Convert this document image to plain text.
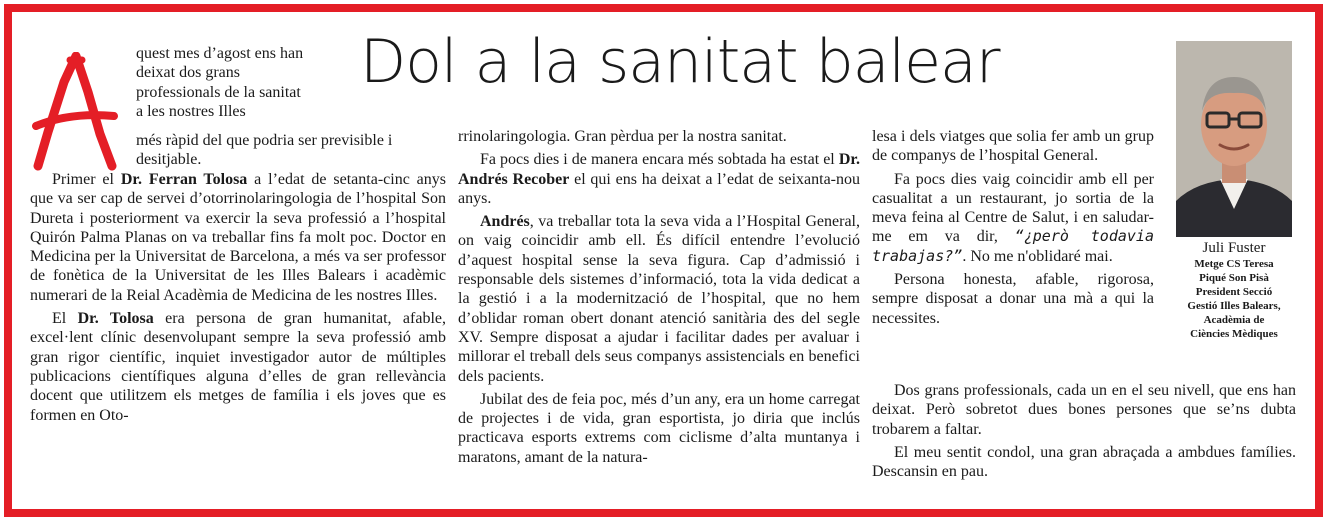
Dol a la sanitat balear
quest mes d’agost ens han deixat dos grans professionals de la sanitat a les nostres Illes
més ràpid del que podria ser previsible i desitjable.

Primer el Dr. Ferran Tolosa a l’edat de setanta-cinc anys que va ser cap de servei d’otorrinolaringologia de l’hospital Son Dureta i posteriorment va exercir la seva professió a l’hospital Quirón Palma Planas on va treballar fins fa molt poc. Doctor en Medicina per la Universitat de Barcelona, a més va ser professor de fonètica de la Universitat de les Illes Balears i acadèmic numerari de la Reial Acadèmia de Medicina de les nostres Illes.

El Dr. Tolosa era persona de gran humanitat, afable, excel·lent clínic desenvolupant sempre la seva professió amb gran rigor científic, inquiet investigador autor de múltiples publicacions científiques alguna d’elles de gran rellevància docent que utilitzem els metges de família i els joves que es formen en Oto-

rrinolaringologia. Gran pèrdua per la nostra sanitat.

Fa pocs dies i de manera encara més sobtada ha estat el Dr. Andrés Recober el qui ens ha deixat a l’edat de seixanta-nou anys.

Andrés, va treballar tota la seva vida a l’Hospital General, on vaig coincidir amb ell. És difícil entendre l’evolució d’aquest hospital sense la seva figura. Cap d’admissió i responsable dels sistemes d’informació, tota la vida dedicat a la gestió i a la modernització de l’hospital, que no hem d’oblidar roman obert donant atenció sanitària des del segle XV. Sempre disposat a ajudar i facilitar dades per avaluar i millorar el treball dels seus companys assistencials en benefici dels pacients.

Jubilat des de feia poc, més d’un any, era un home carregat de projectes i de vida, gran esportista, jo diria que inclús practicava esports extrems com ciclisme d’alta muntanya i maratons, amant de la natura-

lesa i dels viatges que solia fer amb un grup de companys de l’hospital General.

Fa pocs dies vaig coincidir amb ell per casualitat a un restaurant, jo sortia de la meva feina al Centre de Salut, i en saludar-me em va dir, “¿però todavia trabajas?”. No me n'oblidaré mai.

Persona honesta, afable, rigorosa, sempre disposat a donar una mà a qui la necessites.

Dos grans professionals, cada un en el seu nivell, que ens han deixat. Però sobretot dues bones persones que se’ns dubta trobarem a faltar.

El meu sentit condol, una gran abraçada a ambdues famílies. Descansin en pau.

Juli Fuster
Metge CS Teresa
Piqué Son Pisà
President Secció
Gestió Illes Balears,
Acadèmia de
Ciències Mèdiques
